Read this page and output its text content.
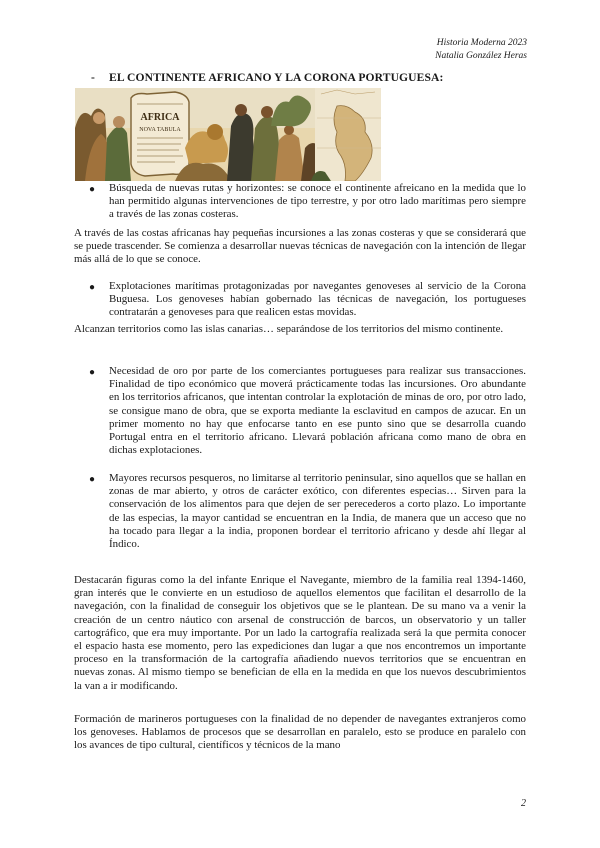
Historia Moderna 2023
Natalia González Heras
- EL CONTINENTE AFRICANO Y LA CORONA PORTUGUESA:
AFRICA
NOVA TABULA
● Búsqueda de nuevas rutas y horizontes: se conoce el continente afreicano en la medida que lo han permitido algunas intervenciones de tipo terrestre, y por otro lado marítimas pero siempre a través de las zonas costeras.
A través de las costas africanas hay pequeñas incursiones a las zonas costeras y que se considerará que se puede trascender. Se comienza a desarrollar nuevas técnicas de navegación con la intención de llegar más allá de lo que se conoce.
● Explotaciones marítimas protagonizadas por navegantes genoveses al servicio de la Corona Buguesa. Los genoveses habían gobernado las técnicas de navegación, los portugueses contratarán a genoveses para que realicen estas movidas.
Alcanzan territorios como las islas canarias… separándose de los territorios del mismo continente.
● Necesidad de oro por parte de los comerciantes portugueses para realizar sus transacciones. Finalidad de tipo económico que moverá prácticamente todas las incursiones. Oro abundante en los territorios africanos, que intentan controlar la explotación de minas de oro, por otro lado, se consigue mano de obra, que se exporta mediante la esclavitud en campos de azucar. En un primer momento no hay que enfocarse tanto en ese punto sino que se desarrolla cuando Portugal entra en el territorio africano. Llevará población africana como mano de obra en dichas explotaciones.
● Mayores recursos pesqueros, no limitarse al territorio peninsular, sino aquellos que se hallan en zonas de mar abierto, y otros de carácter exótico, con diferentes especias… Sirven para la conservación de los alimentos para que dejen de ser perecederos a corto plazo. Lo importante de las especias, la mayor cantidad se encuentran en la India, de manera que un acceso que no ha tocado para llegar a la india, proponen bordear el territorio africano y desde ahí llegar al Índico.
Destacarán figuras como la del infante Enrique el Navegante, miembro de la familia real 1394-1460, gran interés que le convierte en un estudioso de aquellos elementos que facilitan el desarrollo de la navegación, con la finalidad de conseguir los objetivos que se le plantean. De su mano va a venir la creación de un centro náutico con arsenal de construcción de barcos, un observatorio y un taller cartográfico, que era muy importante. Por un lado la cartografía realizada será la que permita conocer el espacio hasta ese momento, pero las expediciones dan lugar a que nos encontremos un importante proceso en la transformación de la cartografía añadiendo nuevos territorios que se encuentran en nuevas zonas. Al mismo tiempo se benefician de ella en la medida en que los nuevos descubrimientos la van a ir modificando.
Formación de marineros portugueses con la finalidad de no depender de navegantes extranjeros como los genoveses. Hablamos de procesos que se desarrollan en paralelo, esto se produce en paralelo con los avances de tipo cultural, científicos y técnicos de la mano
2
